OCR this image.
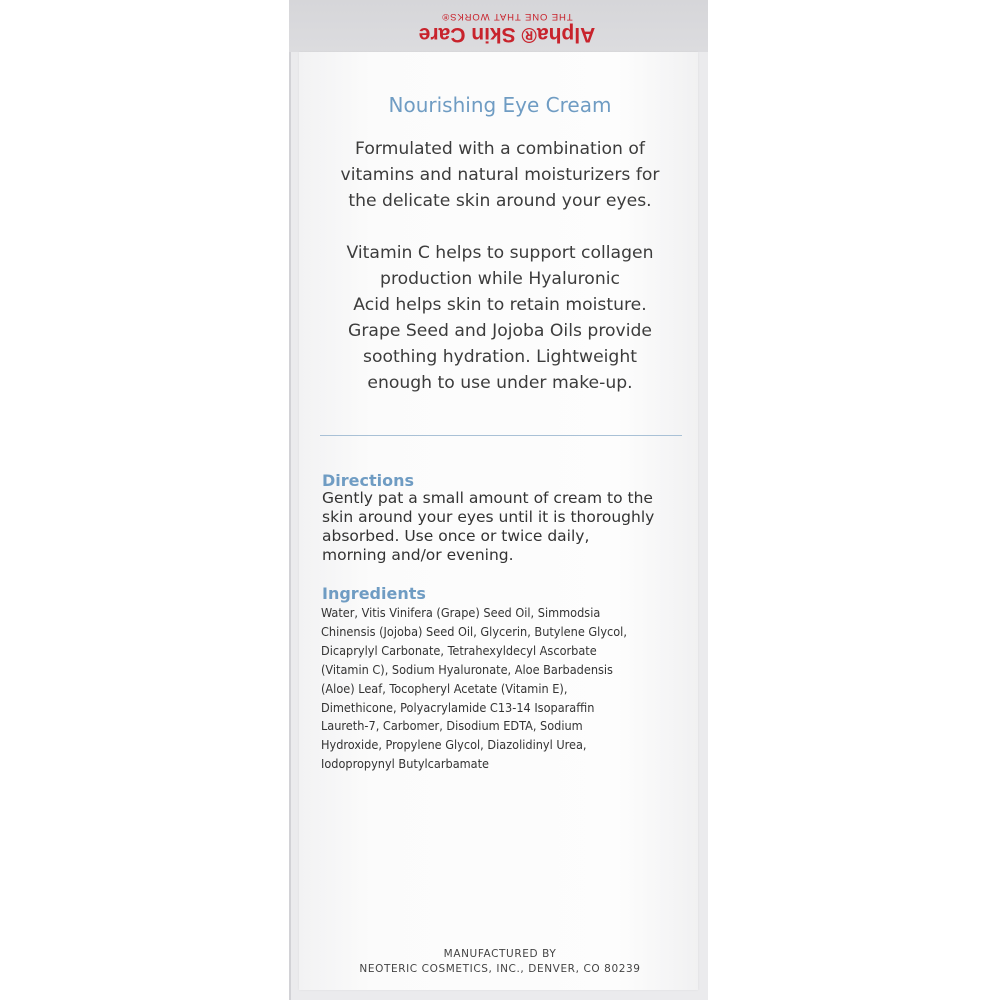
Alpha® Skin Care
THE ONE THAT WORKS®
Nourishing Eye Cream

Formulated with a combination of
vitamins and natural moisturizers for
the delicate skin around your eyes.

Vitamin C helps to support collagen
production while Hyaluronic
Acid helps skin to retain moisture.
Grape Seed and Jojoba Oils provide
soothing hydration. Lightweight
enough to use under make-up.

Directions

Gently pat a small amount of cream to the
skin around your eyes until it is thoroughly
absorbed. Use once or twice daily,
morning and/or evening.

Ingredients

Water, Vitis Vinifera (Grape) Seed Oil, Simmodsia
Chinensis (Jojoba) Seed Oil, Glycerin, Butylene Glycol,
Dicaprylyl Carbonate, Tetrahexyldecyl Ascorbate
(Vitamin C), Sodium Hyaluronate, Aloe Barbadensis
(Aloe) Leaf, Tocopheryl Acetate (Vitamin E),
Dimethicone, Polyacrylamide C13-14 Isoparaffin
Laureth-7, Carbomer, Disodium EDTA, Sodium
Hydroxide, Propylene Glycol, Diazolidinyl Urea,
Iodopropynyl Butylcarbamate

MANUFACTURED BY

NEOTERIC COSMETICS, INC., DENVER, CO 80239
